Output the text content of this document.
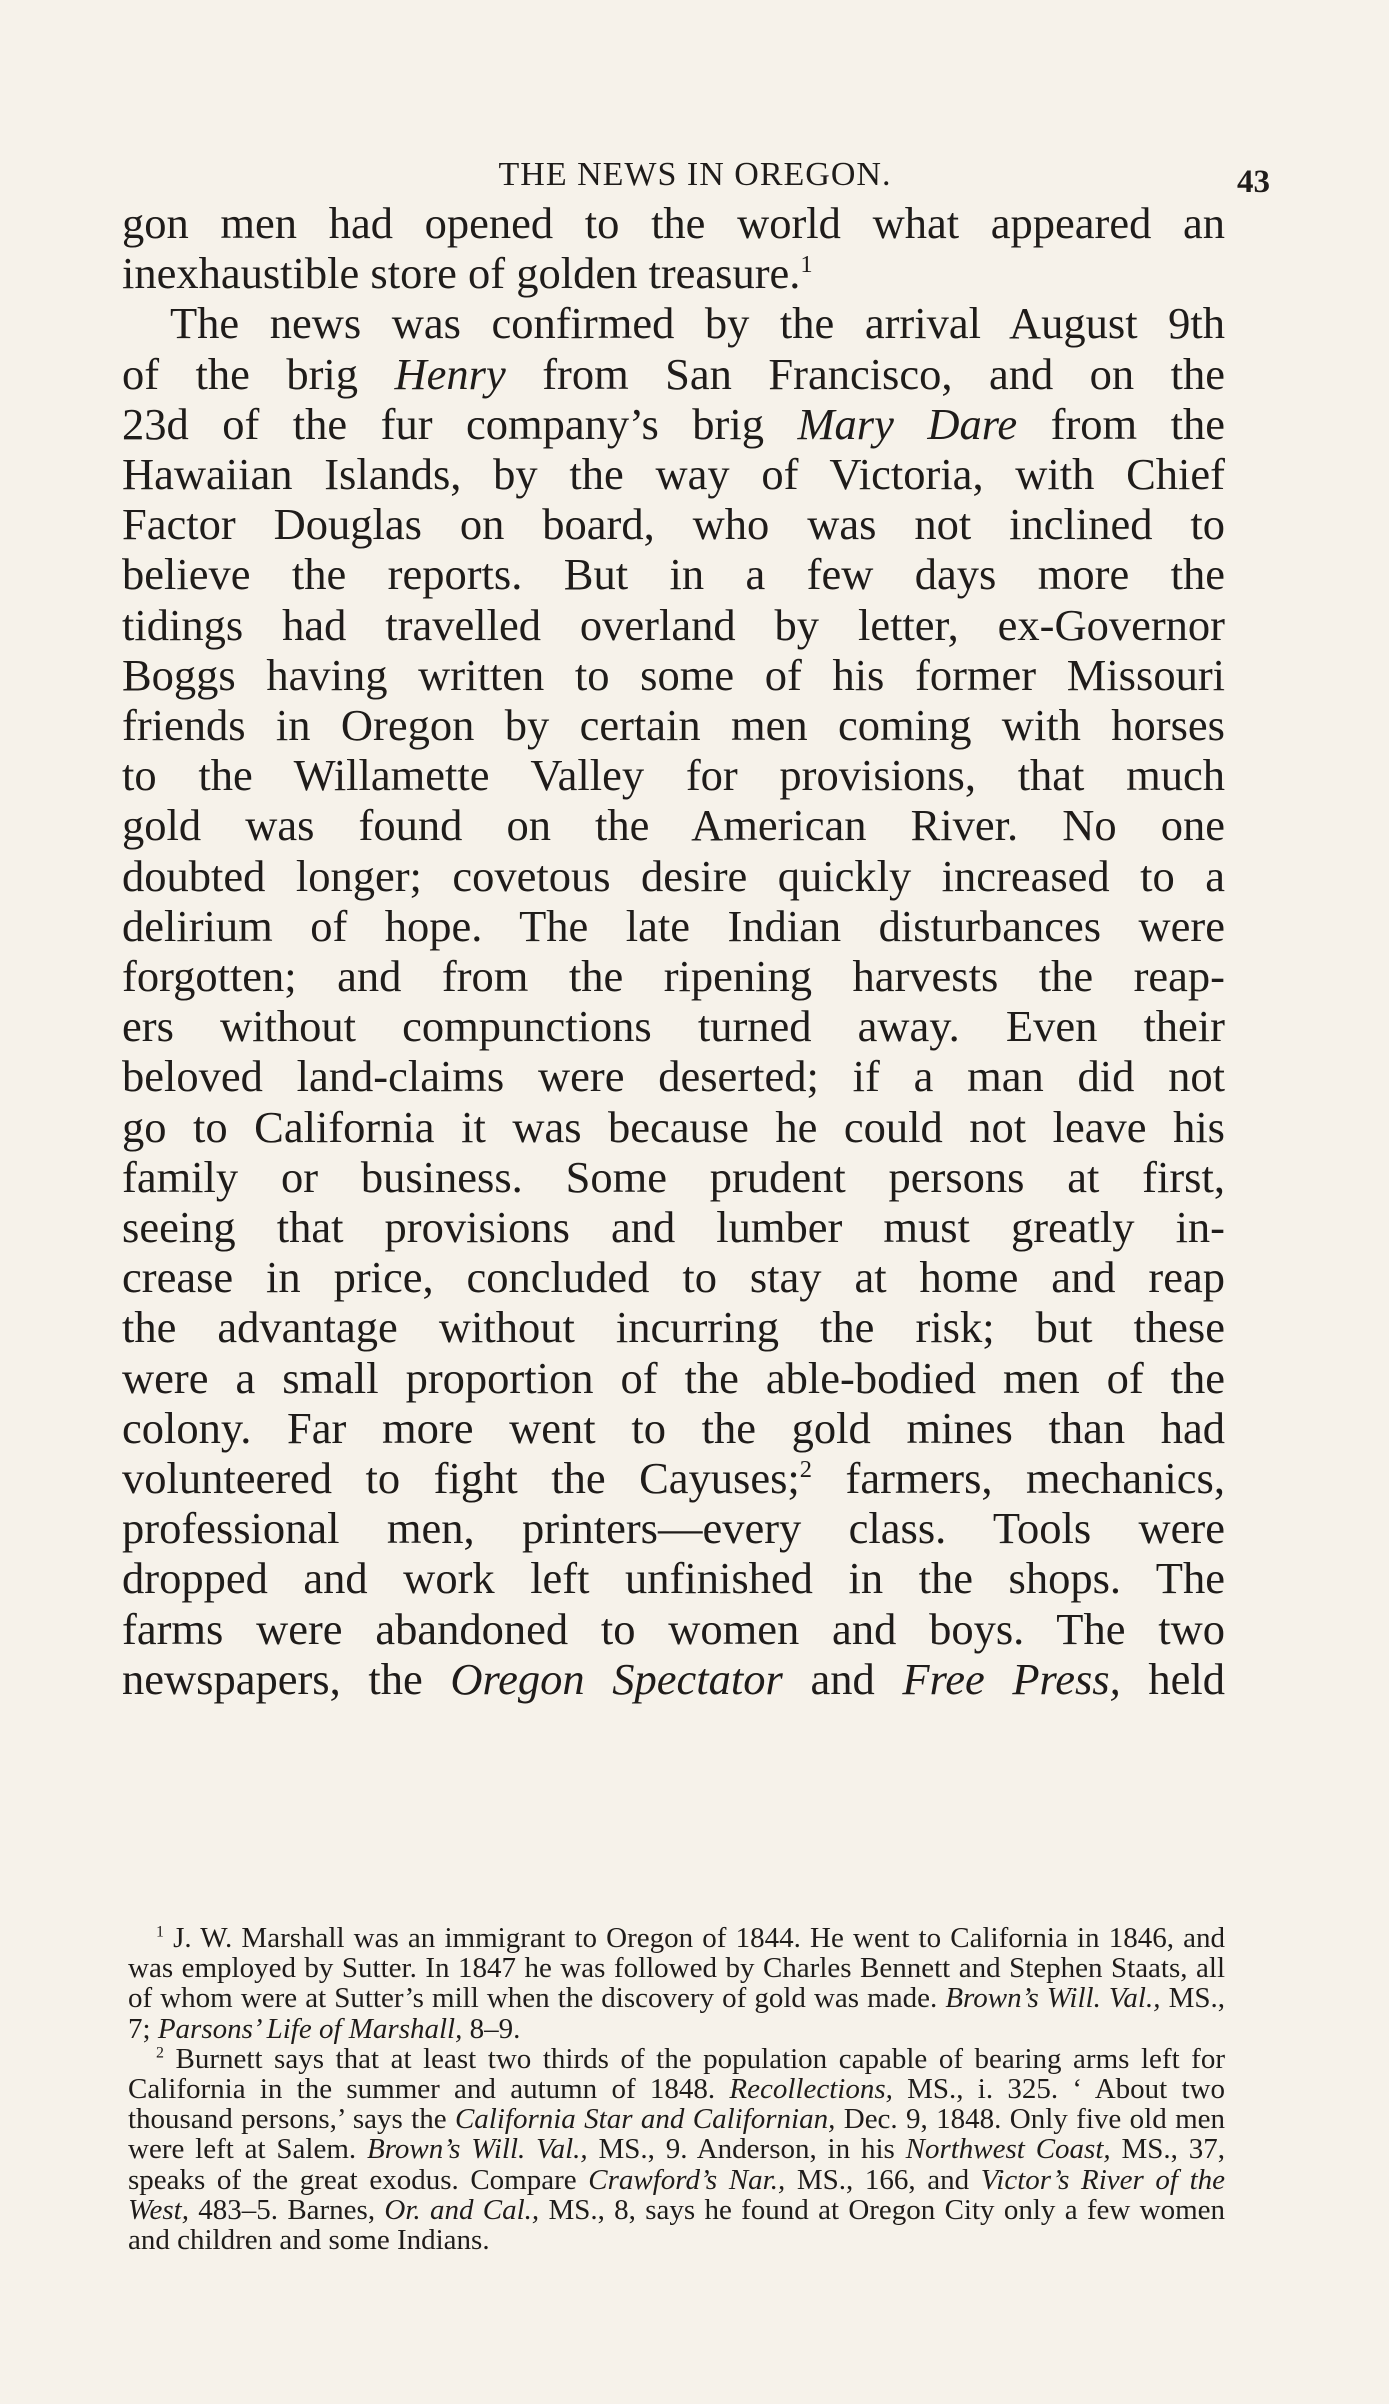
THE NEWS IN OREGON.	43
gon men had opened to the world what appeared an
inexhaustible store of golden treasure.$^1$
The news was confirmed by the arrival August 9th
of the brig Henry from San Francisco, and on the
23d of the fur company’s brig Mary Dare from the
Hawaiian Islands, by the way of Victoria, with Chief
Factor Douglas on board, who was not inclined to
believe the reports. But in a few days more the
tidings had travelled overland by letter, ex-Governor
Boggs having written to some of his former Missouri
friends in Oregon by certain men coming with horses
to the Willamette Valley for provisions, that much
gold was found on the American River. No one
doubted longer; covetous desire quickly increased to a
delirium of hope. The late Indian disturbances were
forgotten; and from the ripening harvests the reap-
ers without compunctions turned away. Even their
beloved land-claims were deserted; if a man did not
go to California it was because he could not leave his
family or business. Some prudent persons at first,
seeing that provisions and lumber must greatly in-
crease in price, concluded to stay at home and reap
the advantage without incurring the risk; but these
were a small proportion of the able-bodied men of the
colony. Far more went to the gold mines than had
volunteered to fight the Cayuses;$^2$ farmers, mechanics,
professional men, printers—every class. Tools were
dropped and work left unfinished in the shops. The
farms were abandoned to women and boys. The two
newspapers, the Oregon Spectator and Free Press, held

$^1$ J. W. Marshall was an immigrant to Oregon of 1844. He went to California in 1846, and was employed by Sutter. In 1847 he was followed by Charles Bennett and Stephen Staats, all of whom were at Sutter’s mill when the discovery of gold was made. Brown’s Will. Val., MS., 7; Parsons’ Life of Marshall, 8–9.

$^2$ Burnett says that at least two thirds of the population capable of bearing arms left for California in the summer and autumn of 1848. Recollections, MS., i. 325. ‘ About two thousand persons,’ says the California Star and Californian, Dec. 9, 1848. Only five old men were left at Salem. Brown’s Will. Val., MS., 9. Anderson, in his Northwest Coast, MS., 37, speaks of the great exodus. Compare Crawford’s Nar., MS., 166, and Victor’s River of the West, 483–5. Barnes, Or. and Cal., MS., 8, says he found at Oregon City only a few women and children and some Indians.
